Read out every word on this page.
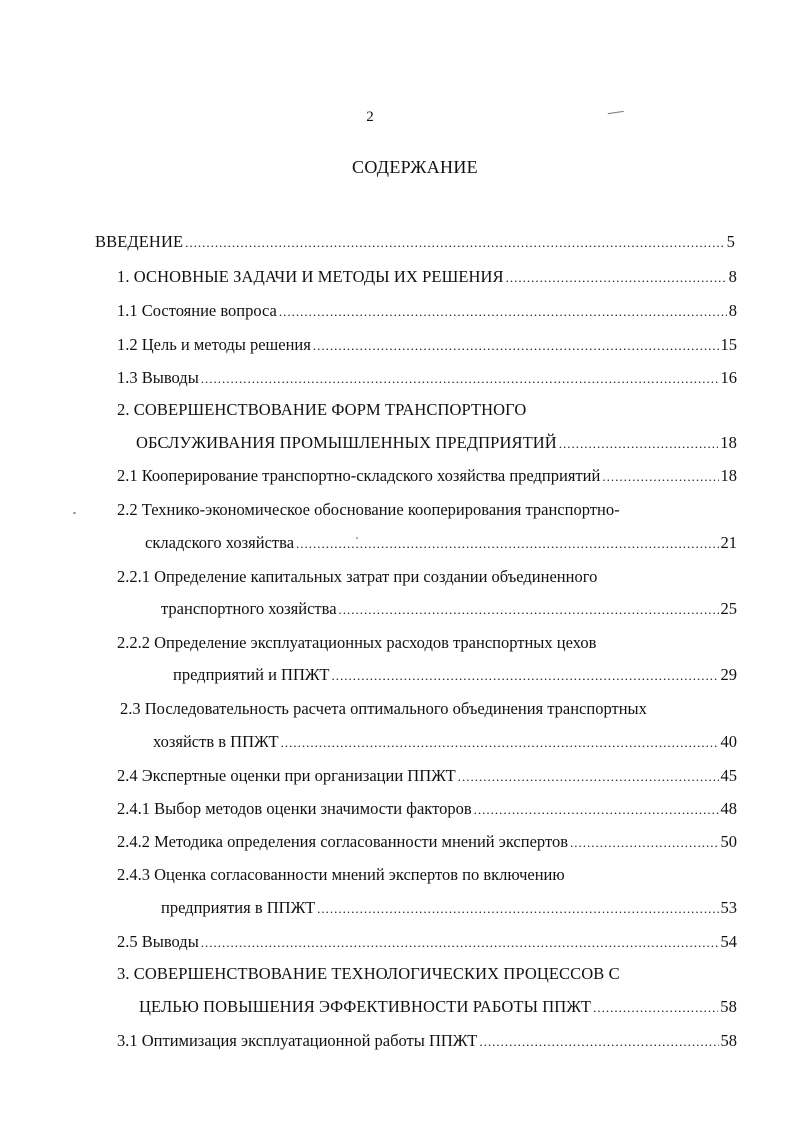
2
СОДЕРЖАНИЕ
ВВЕДЕНИЕ .....	5
1. ОСНОВНЫЕ ЗАДАЧИ И МЕТОДЫ ИХ РЕШЕНИЯ .....	8
1.1 Состояние вопроса .....	8
1.2 Цель и методы решения .....	15
1.3 Выводы .....	16
2. СОВЕРШЕНСТВОВАНИЕ ФОРМ ТРАНСПОРТНОГО
ОБСЛУЖИВАНИЯ ПРОМЫШЛЕННЫХ ПРЕДПРИЯТИЙ .....	18
2.1 Кооперирование транспортно-складского хозяйства предприятий .....	18
2.2 Технико-экономическое обоснование кооперирования транспортно-
складского хозяйства .....	21
2.2.1 Определение капитальных затрат при создании объединенного
транспортного хозяйства .....	25
2.2.2 Определение эксплуатационных расходов транспортных цехов
предприятий и ППЖТ .....	29
2.3 Последовательность расчета оптимального объединения транспортных
хозяйств в ППЖТ .....	40
2.4 Экспертные оценки при организации ППЖТ .....	45
2.4.1 Выбор методов оценки значимости факторов .....	48
2.4.2 Методика определения согласованности мнений экспертов .....	50
2.4.3 Оценка согласованности мнений экспертов по включению
предприятия в ППЖТ .....	53
2.5 Выводы .....	54
3. СОВЕРШЕНСТВОВАНИЕ ТЕХНОЛОГИЧЕСКИХ ПРОЦЕССОВ С
ЦЕЛЬЮ ПОВЫШЕНИЯ ЭФФЕКТИВНОСТИ РАБОТЫ ППЖТ .....	58
3.1 Оптимизация эксплуатационной работы ППЖТ .....	58
